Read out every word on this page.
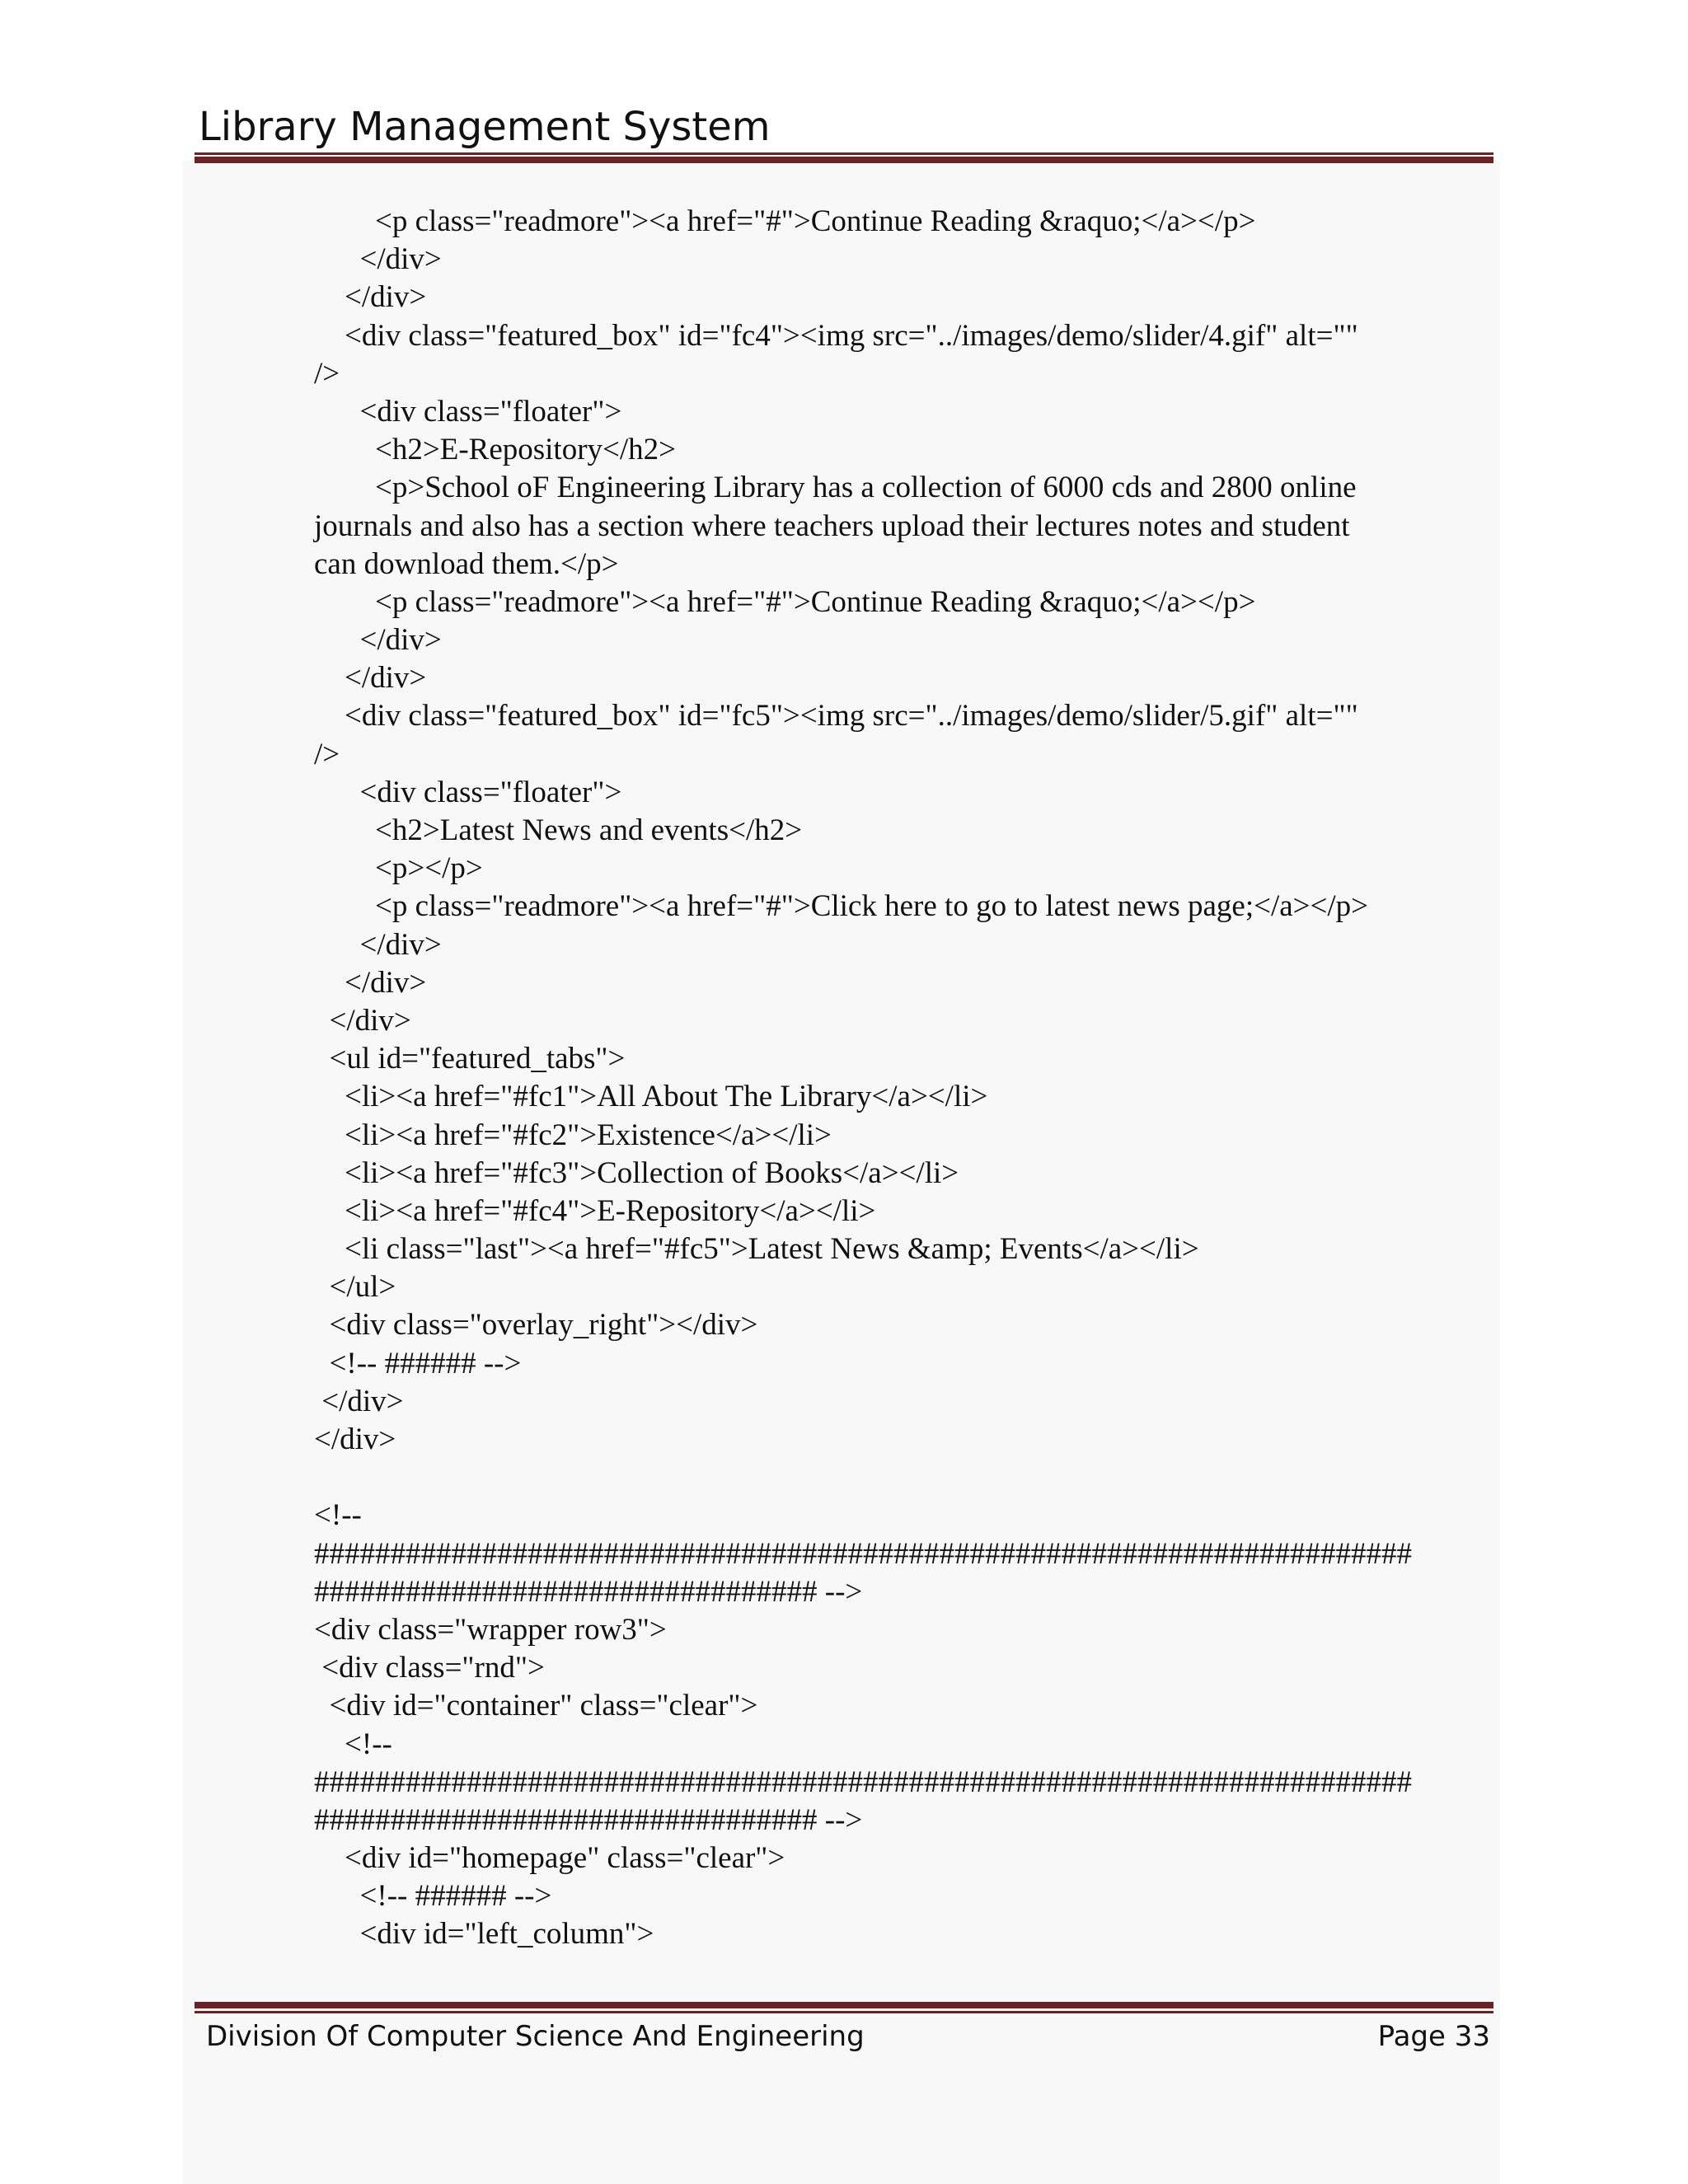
Library Management System
<p class="readmore"><a href="#">Continue Reading &raquo;</a></p>
</div>
</div>
<div class="featured_box" id="fc4"><img src="../images/demo/slider/4.gif" alt=""
/>
<div class="floater">
<h2>E-Repository</h2>
<p>School oF Engineering Library has a collection of 6000 cds and 2800 online
journals and also has a section where teachers upload their lectures notes and student
can download them.</p>
<p class="readmore"><a href="#">Continue Reading &raquo;</a></p>
</div>
</div>
<div class="featured_box" id="fc5"><img src="../images/demo/slider/5.gif" alt=""
/>
<div class="floater">
<h2>Latest News and events</h2>
<p></p>
<p class="readmore"><a href="#">Click here to go to latest news page;</a></p>
</div>
</div>
</div>
<ul id="featured_tabs">
<li><a href="#fc1">All About The Library</a></li>
<li><a href="#fc2">Existence</a></li>
<li><a href="#fc3">Collection of Books</a></li>
<li><a href="#fc4">E-Repository</a></li>
<li class="last"><a href="#fc5">Latest News &amp; Events</a></li>
</ul>
<div class="overlay_right"></div>
<!-- ###### -->
</div>
</div>
<!--
########################################################################
################################# -->
<div class="wrapper row3">
<div class="rnd">
<div id="container" class="clear">
<!--
########################################################################
################################# -->
<div id="homepage" class="clear">
<!-- ###### -->
<div id="left_column">
Division Of Computer Science And Engineering	Page 33
